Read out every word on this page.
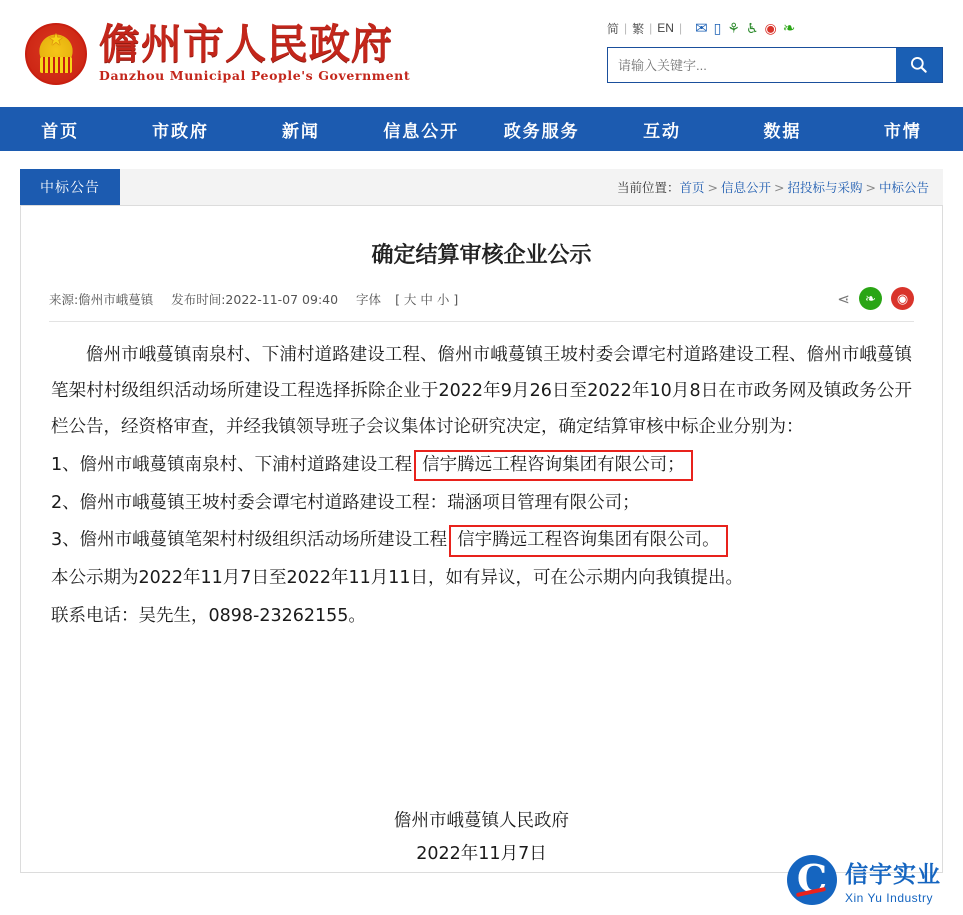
★
儋州市人民政府
Danzhou Municipal People's Government
简 | 繁 | EN | ✉ ▯ ⚘ ♿ ◉ ❧
请输入关键字...
首页	市政府	新闻	信息公开	政务服务	互动	数据	市情
中标公告	当前位置：首页 > 信息公开 > 招投标与采购 > 中标公告
确定结算审核企业公示
来源:儋州市峨蔓镇 发布时间:2022-11-07 09:40 字体 [ 大 中 小 ]	⋖	❧	◉

儋州市峨蔓镇南泉村、下浦村道路建设工程、儋州市峨蔓镇王坡村委会谭宅村道路建设工程、儋州市峨蔓镇笔架村村级组织活动场所建设工程选择拆除企业于2022年9月26日至2022年10月8日在市政务网及镇政务公开栏公告，经资格审查，并经我镇领导班子会议集体讨论研究决定，确定结算审核中标企业分别为：

1、儋州市峨蔓镇南泉村、下浦村道路建设工程 信宇腾远工程咨询集团有限公司；

2、儋州市峨蔓镇王坡村委会谭宅村道路建设工程：瑞涵项目管理有限公司；

3、儋州市峨蔓镇笔架村村级组织活动场所建设工程 信宇腾远工程咨询集团有限公司。

本公示期为2022年11月7日至2022年11月11日，如有异议，可在公示期内向我镇提出。

联系电话：吴先生，0898-23262155。

儋州市峨蔓镇人民政府
2022年11月7日
C
信宇实业
Xin Yu Industry
